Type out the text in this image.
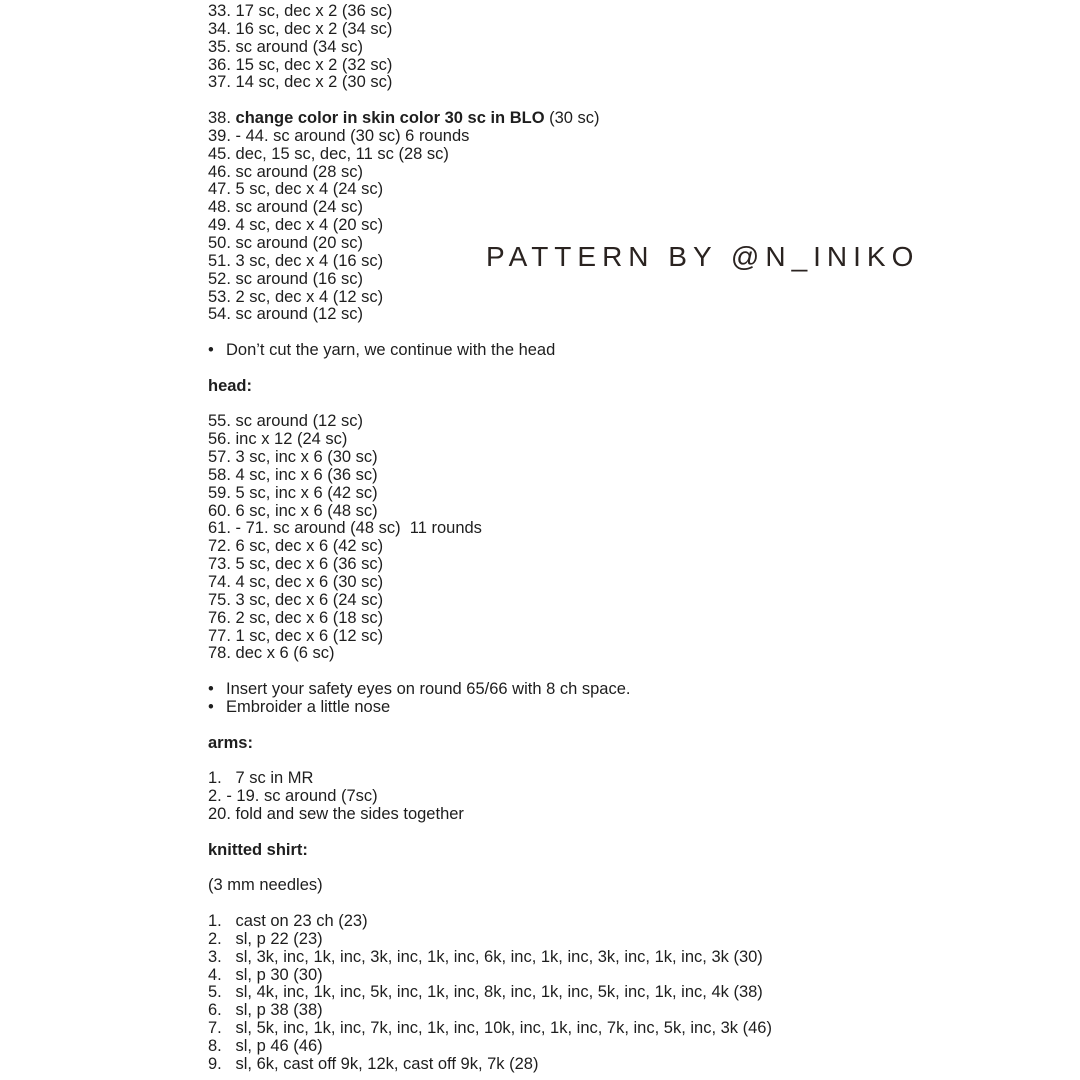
33. 17 sc, dec x 2 (36 sc)
34. 16 sc, dec x 2 (34 sc)
35. sc around (34 sc)
36. 15 sc, dec x 2 (32 sc)
37. 14 sc, dec x 2 (30 sc)
38. change color in skin color 30 sc in BLO (30 sc)
39. - 44. sc around (30 sc) 6 rounds
45. dec, 15 sc, dec, 11 sc (28 sc)
46. sc around (28 sc)
47. 5 sc, dec x 4 (24 sc)
48. sc around (24 sc)
49. 4 sc, dec x 4 (20 sc)
50. sc around (20 sc)
51. 3 sc, dec x 4 (16 sc)
52. sc around (16 sc)
53. 2 sc, dec x 4 (12 sc)
54. sc around (12 sc)
• Don’t cut the yarn, we continue with the head
head:
55. sc around (12 sc)
56. inc x 12 (24 sc)
57. 3 sc, inc x 6 (30 sc)
58. 4 sc, inc x 6 (36 sc)
59. 5 sc, inc x 6 (42 sc)
60. 6 sc, inc x 6 (48 sc)
61. - 71. sc around (48 sc)  11 rounds
72. 6 sc, dec x 6 (42 sc)
73. 5 sc, dec x 6 (36 sc)
74. 4 sc, dec x 6 (30 sc)
75. 3 sc, dec x 6 (24 sc)
76. 2 sc, dec x 6 (18 sc)
77. 1 sc, dec x 6 (12 sc)
78. dec x 6 (6 sc)
• Insert your safety eyes on round 65/66 with 8 ch space.
• Embroider a little nose
arms:
1.   7 sc in MR
2. - 19. sc around (7sc)
20. fold and sew the sides together
knitted shirt:
(3 mm needles)
1.   cast on 23 ch (23)
2.   sl, p 22 (23)
3.   sl, 3k, inc, 1k, inc, 3k, inc, 1k, inc, 6k, inc, 1k, inc, 3k, inc, 1k, inc, 3k (30)
4.   sl, p 30 (30)
5.   sl, 4k, inc, 1k, inc, 5k, inc, 1k, inc, 8k, inc, 1k, inc, 5k, inc, 1k, inc, 4k (38)
6.   sl, p 38 (38)
7.   sl, 5k, inc, 1k, inc, 7k, inc, 1k, inc, 10k, inc, 1k, inc, 7k, inc, 5k, inc, 3k (46)
8.   sl, p 46 (46)
9.   sl, 6k, cast off 9k, 12k, cast off 9k, 7k (28)
PATTERN BY @N_INIKO
